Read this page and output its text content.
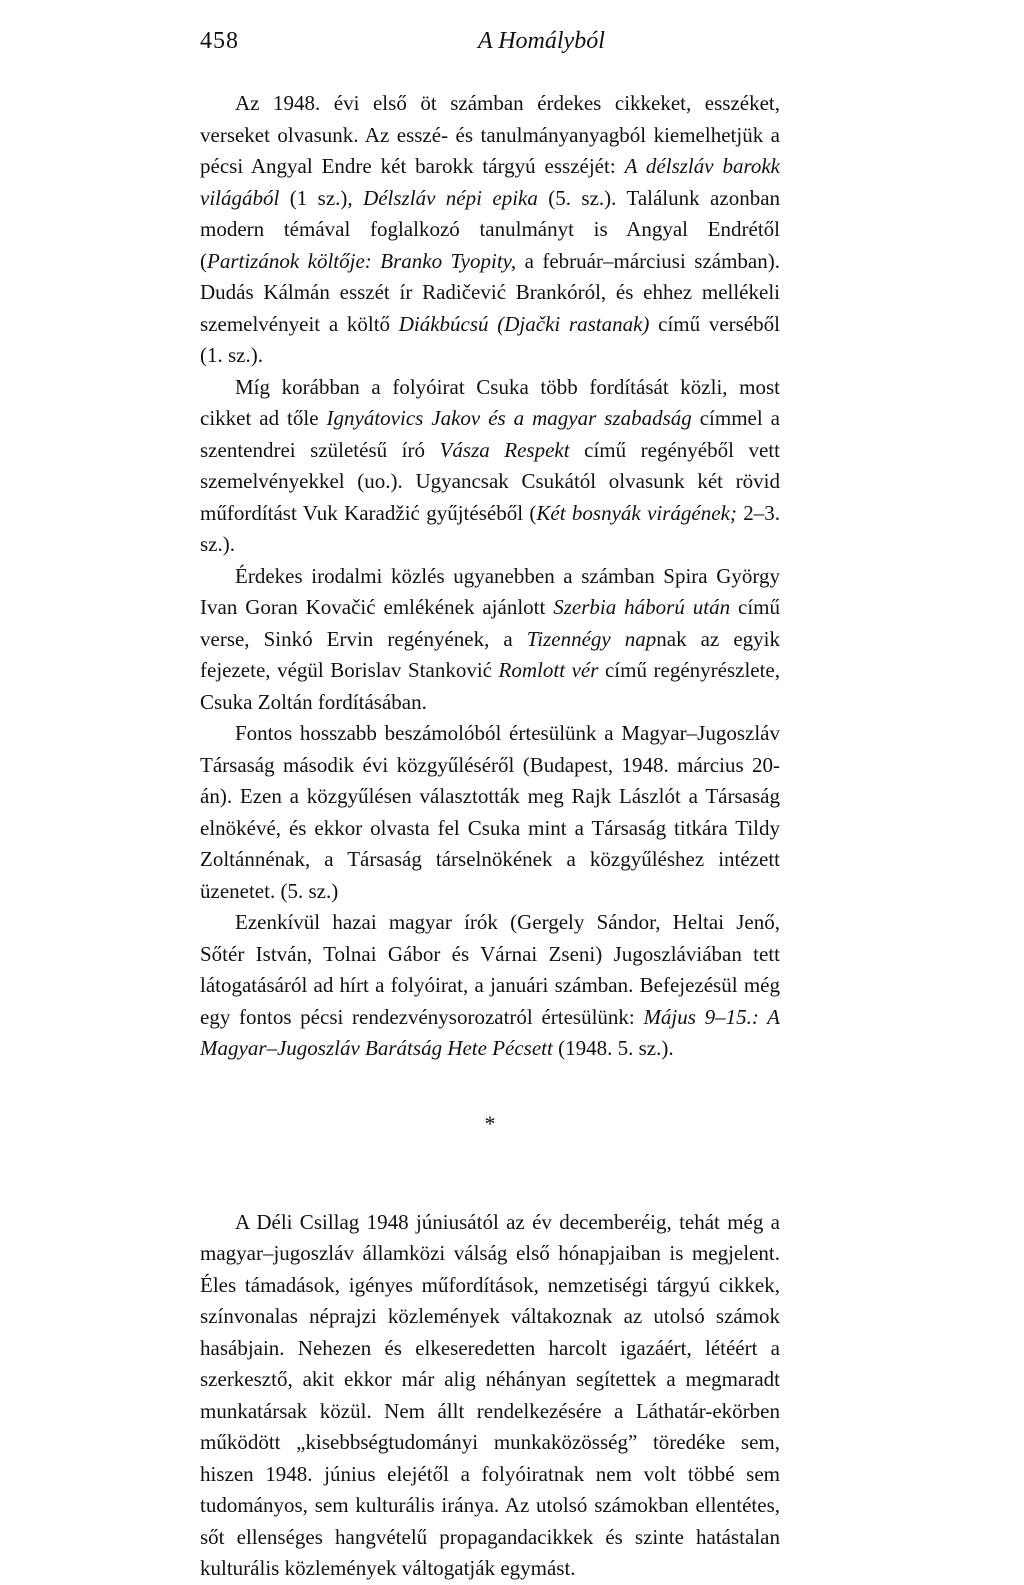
458	A Homályból

Az 1948. évi első öt számban érdekes cikkeket, esszéket, verseket olvasunk. Az esszé- és tanulmányanyagból kiemelhetjük a pécsi Angyal Endre két barokk tárgyú esszéjét: A délszláv barokk világából (1 sz.), Délszláv népi epika (5. sz.). Találunk azonban modern témával foglalkozó tanulmányt is Angyal Endrétől (Partizánok költője: Branko Tyopity, a február–márciusi számban). Dudás Kálmán esszét ír Radičević Brankóról, és ehhez mellékeli szemelvényeit a költő Diákbúcsú (Djački rastanak) című verséből (1. sz.).

Míg korábban a folyóirat Csuka több fordítását közli, most cikket ad tőle Ignyátovics Jakov és a magyar szabadság címmel a szentendrei születésű író Vásza Respekt című regényéből vett szemelvényekkel (uo.). Ugyancsak Csukától olvasunk két rövid műfordítást Vuk Karadžić gyűjtéséből (Két bosnyák virágének; 2–3. sz.).

Érdekes irodalmi közlés ugyanebben a számban Spira György Ivan Goran Kovačić emlékének ajánlott Szerbia háború után című verse, Sinkó Ervin regényének, a Tizennégy napnak az egyik fejezete, végül Borislav Stanković Romlott vér című regényrészlete, Csuka Zoltán fordításában.

Fontos hosszabb beszámolóból értesülünk a Magyar–Jugoszláv Társaság második évi közgyűléséről (Budapest, 1948. március 20-án). Ezen a közgyűlésen választották meg Rajk Lászlót a Társaság elnökévé, és ekkor olvasta fel Csuka mint a Társaság titkára Tildy Zoltánnénak, a Társaság társelnökének a közgyűléshez intézett üzenetet. (5. sz.)

Ezenkívül hazai magyar írók (Gergely Sándor, Heltai Jenő, Sőtér István, Tolnai Gábor és Várnai Zseni) Jugoszláviában tett látogatásáról ad hírt a folyóirat, a januári számban. Befejezésül még egy fontos pécsi rendezvénysorozatról értesülünk: Május 9–15.: A Magyar–Jugoszláv Barátság Hete Pécsett (1948. 5. sz.).

*

A Déli Csillag 1948 júniusától az év decemberéig, tehát még a magyar–jugoszláv államközi válság első hónapjaiban is megjelent. Éles támadások, igényes műfordítások, nemzetiségi tárgyú cikkek, színvonalas néprajzi közlemények váltakoznak az utolsó számok hasábjain. Nehezen és elkeseredetten harcolt igazáért, létéért a szerkesztő, akit ekkor már alig néhányan segítettek a megmaradt munkatársak közül. Nem állt rendelkezésére a Láthatár-ekörben működött „kisebbségtudományi munkaközösség” töredéke sem, hiszen 1948. június elejétől a folyóiratnak nem volt többé sem tudományos, sem kulturális iránya. Az utolsó számokban ellentétes, sőt ellenséges hangvételű propagandacikkek és szinte hatástalan kulturális közlemények váltogatják egymást.
